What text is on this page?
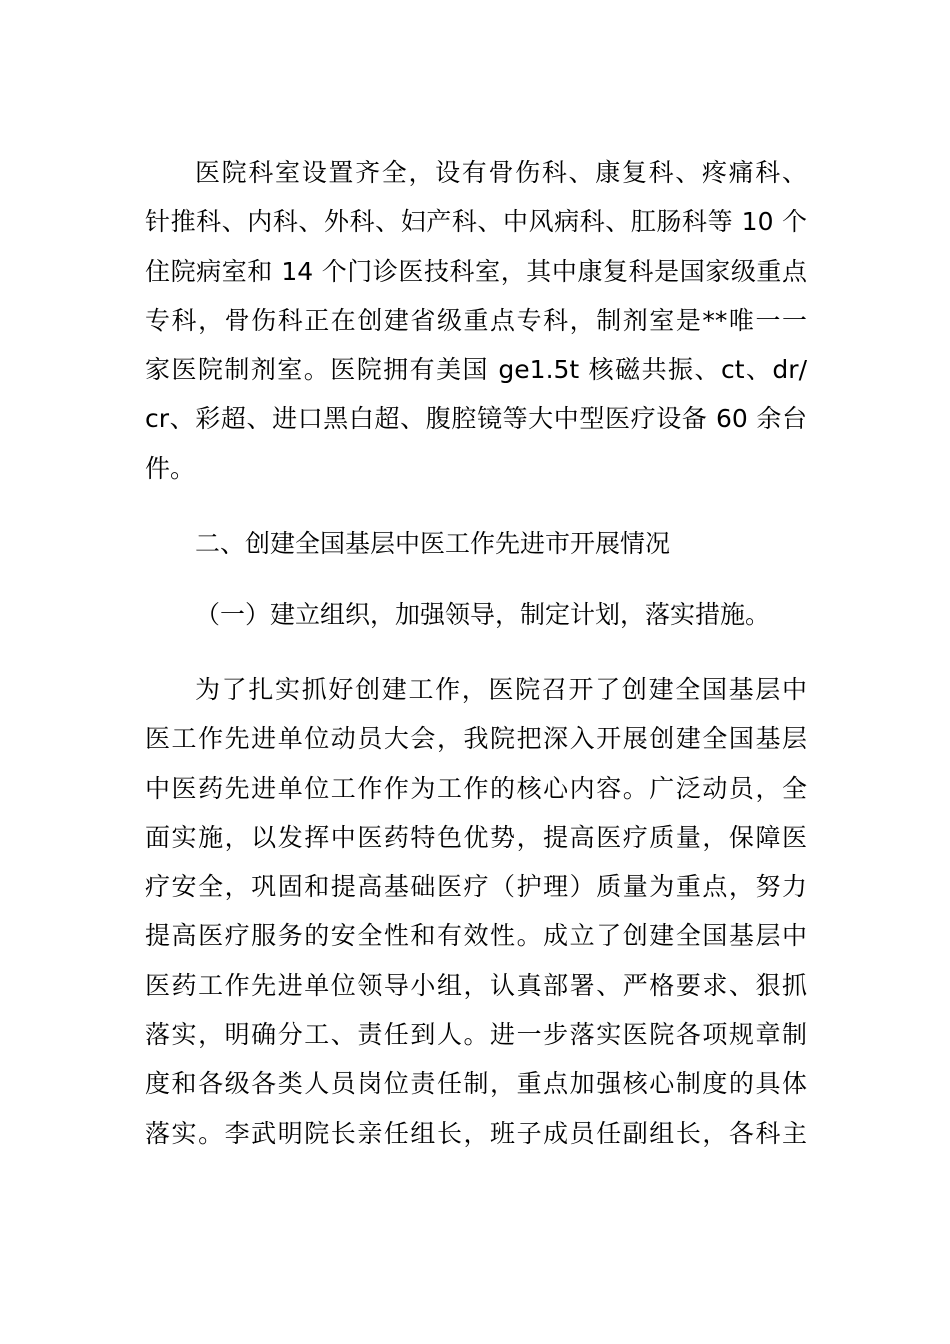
医院科室设置齐全，设有骨伤科、康复科、疼痛科、
针推科、内科、外科、妇产科、中风病科、肛肠科等 10 个
住院病室和 14 个门诊医技科室，其中康复科是国家级重点
专科，骨伤科正在创建省级重点专科，制剂室是**唯一一
家医院制剂室。医院拥有美国 ge1.5t 核磁共振、ct、dr/
cr、彩超、进口黑白超、腹腔镜等大中型医疗设备 60 余台
件。
二、创建全国基层中医工作先进市开展情况
（一）建立组织，加强领导，制定计划，落实措施。
为了扎实抓好创建工作，医院召开了创建全国基层中
医工作先进单位动员大会，我院把深入开展创建全国基层
中医药先进单位工作作为工作的核心内容。广泛动员，全
面实施，以发挥中医药特色优势，提高医疗质量，保障医
疗安全，巩固和提高基础医疗（护理）质量为重点，努力
提高医疗服务的安全性和有效性。成立了创建全国基层中
医药工作先进单位领导小组，认真部署、严格要求、狠抓
落实，明确分工、责任到人。进一步落实医院各项规章制
度和各级各类人员岗位责任制，重点加强核心制度的具体
落实。李武明院长亲任组长，班子成员任副组长，各科主
